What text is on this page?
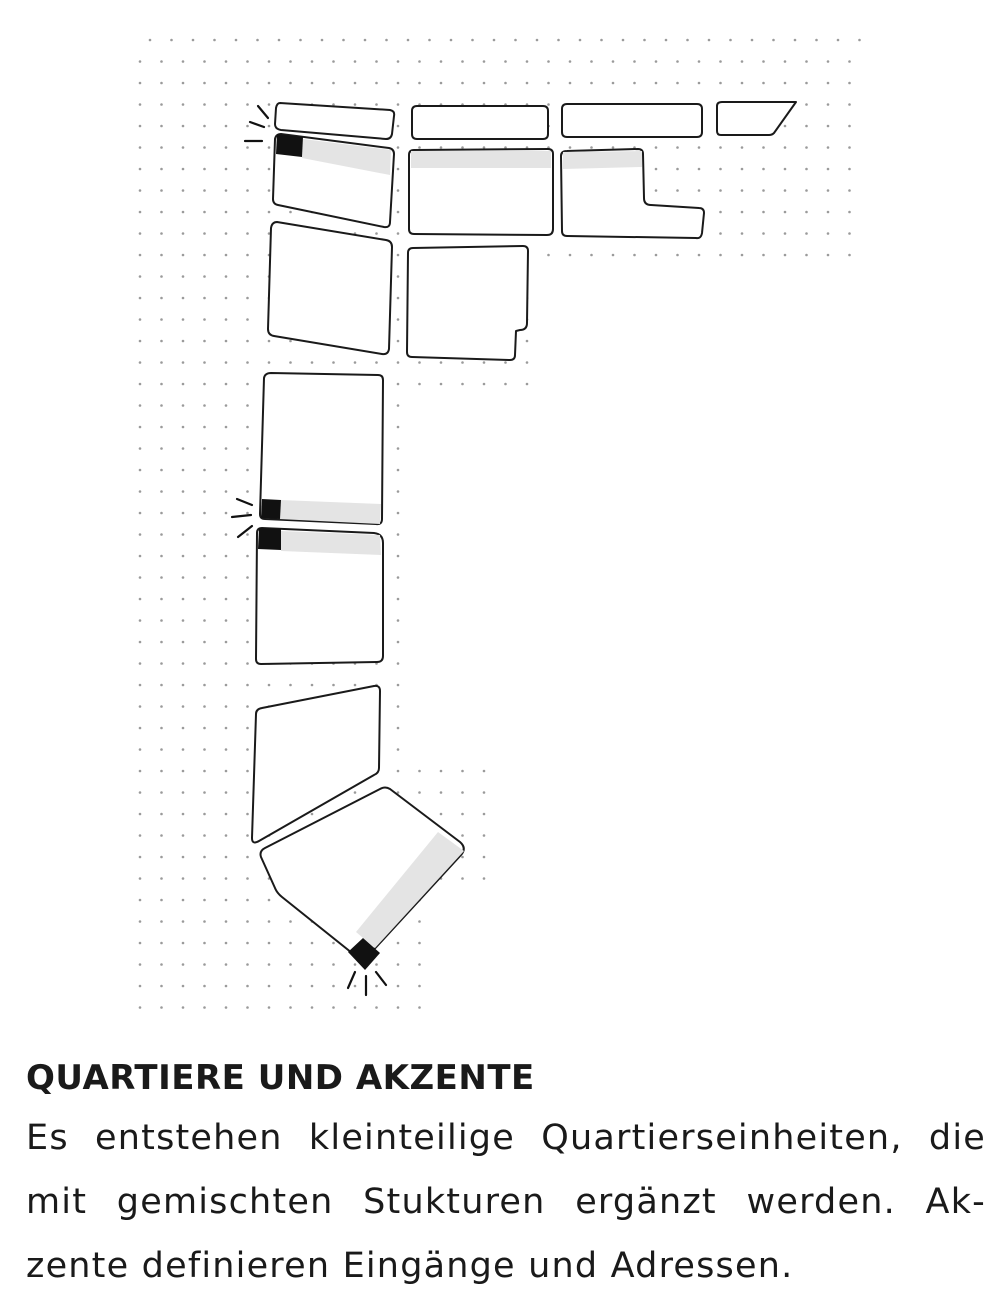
QUARTIERE UND AKZENTE

Es entstehen kleinteilige Quartierseinheiten, die mit gemischten Stukturen ergänzt werden. Ak-zente definieren Eingänge und Adressen.
